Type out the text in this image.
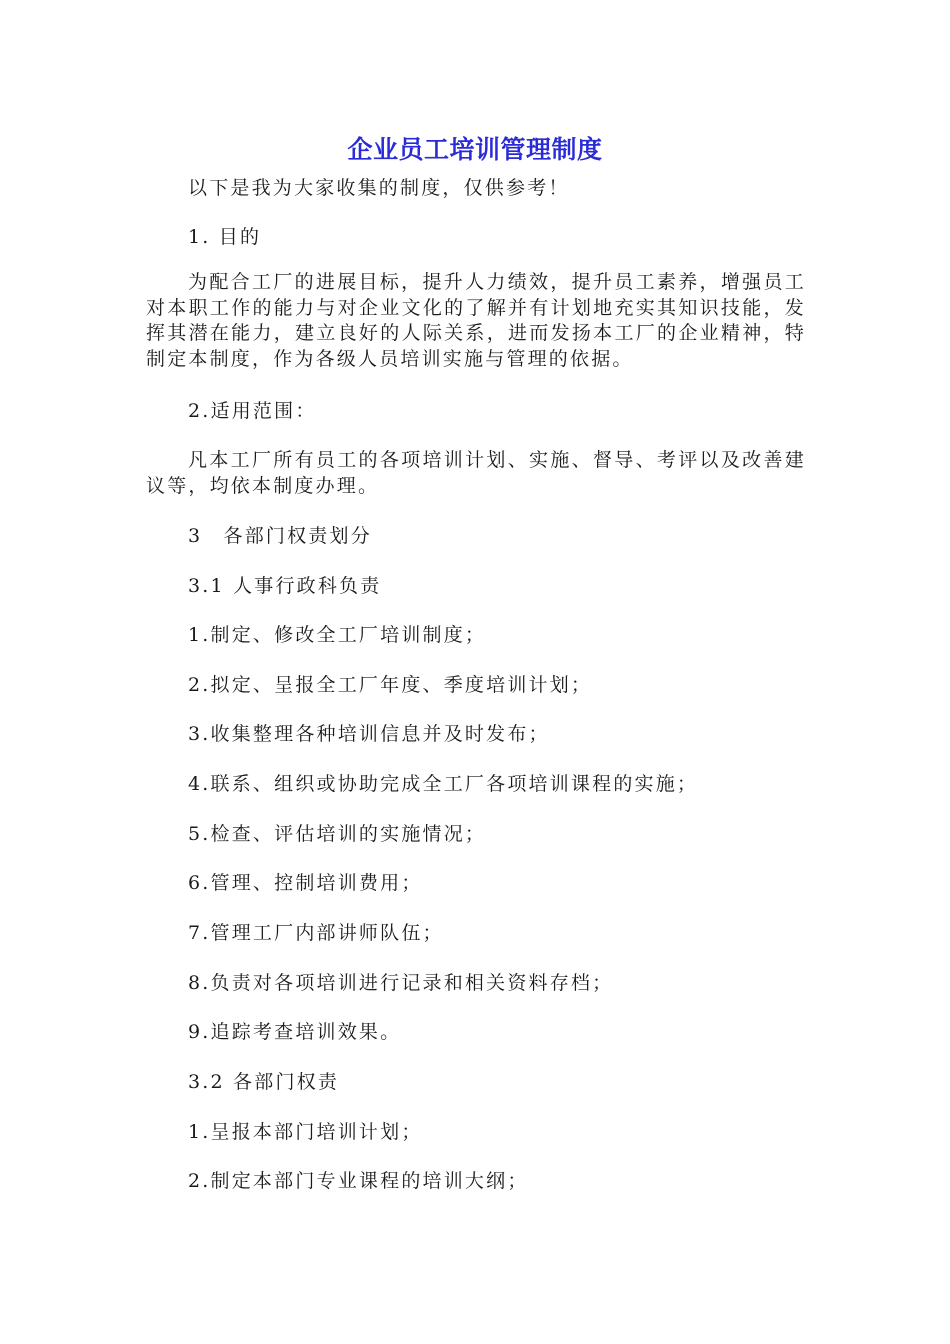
企业员工培训管理制度
以下是我为大家收集的制度，仅供参考！
1. 目的
为配合工厂的进展目标，提升人力绩效，提升员工素养，增强员工对本职工作的能力与对企业文化的了解并有计划地充实其知识技能，发挥其潜在能力，建立良好的人际关系，进而发扬本工厂的企业精神，特制定本制度，作为各级人员培训实施与管理的依据。
2.适用范围：
凡本工厂所有员工的各项培训计划、实施、督导、考评以及改善建议等，均依本制度办理。
3　各部门权责划分
3.1 人事行政科负责
1.制定、修改全工厂培训制度；
2.拟定、呈报全工厂年度、季度培训计划；
3.收集整理各种培训信息并及时发布；
4.联系、组织或协助完成全工厂各项培训课程的实施；
5.检查、评估培训的实施情况；
6.管理、控制培训费用；
7.管理工厂内部讲师队伍；
8.负责对各项培训进行记录和相关资料存档；
9.追踪考查培训效果。
3.2 各部门权责
1.呈报本部门培训计划；
2.制定本部门专业课程的培训大纲；
